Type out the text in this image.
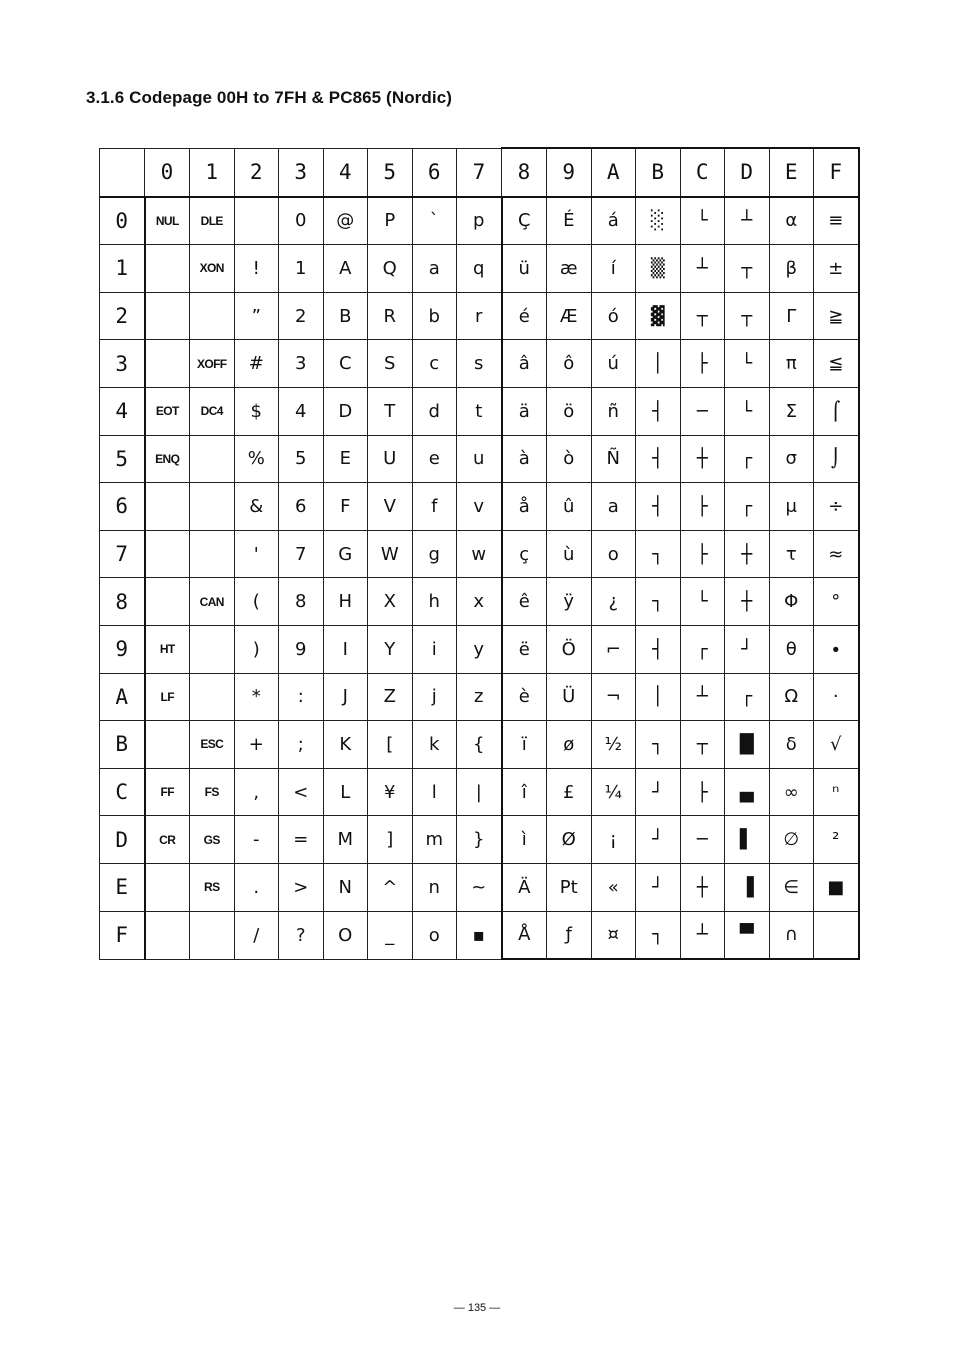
3.1.6 Codepage 00H to 7FH & PC865 (Nordic)
	0	1	2	3	4	5	6	7	8	9	A	B	C	D	E	F
0	NUL	DLE		0	@	P	`	p	Ç	É	á	░	└	┴	α	≡
1		XON	!	1	A	Q	a	q	ü	æ	í	▒	┴	┬	β	±
2			”	2	B	R	b	r	é	Æ	ó	▓	┬	┬	Γ	≧
3		XOFF	#	3	C	S	c	s	â	ô	ú	│	├	└	π	≦
4	EOT	DC4	$	4	D	T	d	t	ä	ö	ñ	┤	─	└	Σ	⌠
5	ENQ		%	5	E	U	e	u	à	ò	Ñ	┤	┼	┌	σ	⌡
6			&	6	F	V	f	v	å	û	a	┤	├	┌	μ	÷
7			'	7	G	W	g	w	ç	ù	o	┐	├	┼	τ	≈
8		CAN	(	8	H	X	h	x	ê	ÿ	¿	┐	└	┼	Φ	°
9	HT		)	9	I	Y	i	y	ë	Ö	⌐	┤	┌	┘	θ	∙
A	LF		*	:	J	Z	j	z	è	Ü	¬	│	┴	┌	Ω	·
B		ESC	+	;	K	[	k	{	ï	ø	½	┐	┬	█	δ	√
C	FF	FS	,	<	L	¥	l	|	î	£	¼	┘	├	▄	∞	ⁿ
D	CR	GS	-	=	M	]	m	}	ì	Ø	¡	┘	─	▌	∅	²
E		RS	.	>	N	^	n	~	Ä	Pt	«	┘	┼	▐	∈	■
F			/	?	O	_	o	▪	Å	ƒ	¤	┐	┴	▀	∩	
— 135 —
